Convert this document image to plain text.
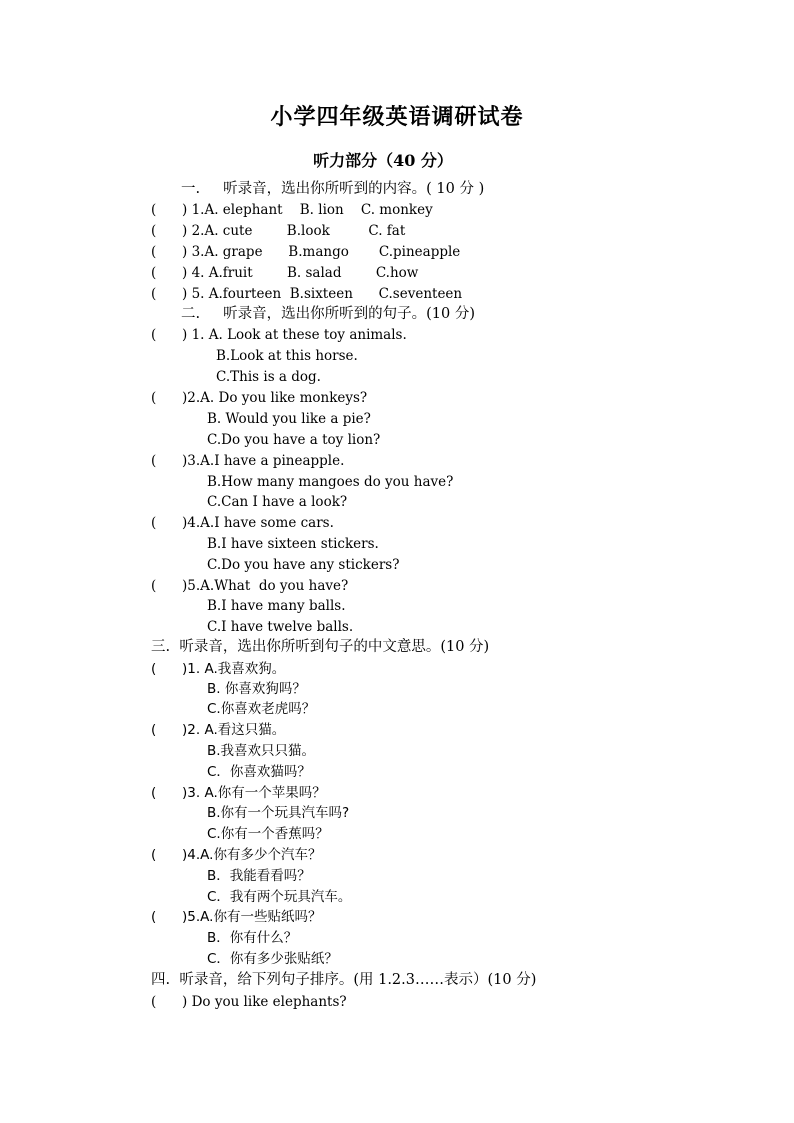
小学四年级英语调研试卷
听力部分（40 分）
一.     听录音，选出你所听到的内容。( 10 分 )
(      ) 1.A. elephant    B. lion    C. monkey
(      ) 2.A. cute        B.look         C. fat
(      ) 3.A. grape      B.mango       C.pineapple
(      ) 4. A.fruit        B. salad        C.how
(      ) 5. A.fourteen  B.sixteen      C.seventeen
二.     听录音，选出你所听到的句子。(10 分)
(      ) 1. A. Look at these toy animals.
B.Look at this horse.
C.This is a dog.
(      )2.A. Do you like monkeys?
B. Would you like a pie?
C.Do you have a toy lion?
(      )3.A.I have a pineapple.
B.How many mangoes do you have?
C.Can I have a look?
(      )4.A.I have some cars.
B.I have sixteen stickers.
C.Do you have any stickers?
(      )5.A.What  do you have?
B.I have many balls.
C.I have twelve balls.
三.  听录音，选出你所听到句子的中文意思。(10 分)
(      )1. A.我喜欢狗。
B. 你喜欢狗吗？
C.你喜欢老虎吗？
(      )2. A.看这只猫。
B.我喜欢只只猫。
C．你喜欢猫吗？
(      )3. A.你有一个苹果吗？
B.你有一个玩具汽车吗?
C.你有一个香蕉吗？
(      )4.A.你有多少个汽车？
B．我能看看吗？
C．我有两个玩具汽车。
(      )5.A.你有一些贴纸吗？
B．你有什么？
C．你有多少张贴纸？
四.  听录音，给下列句子排序。(用 1.2.3……表示）(10 分)
(      ) Do you like elephants?
